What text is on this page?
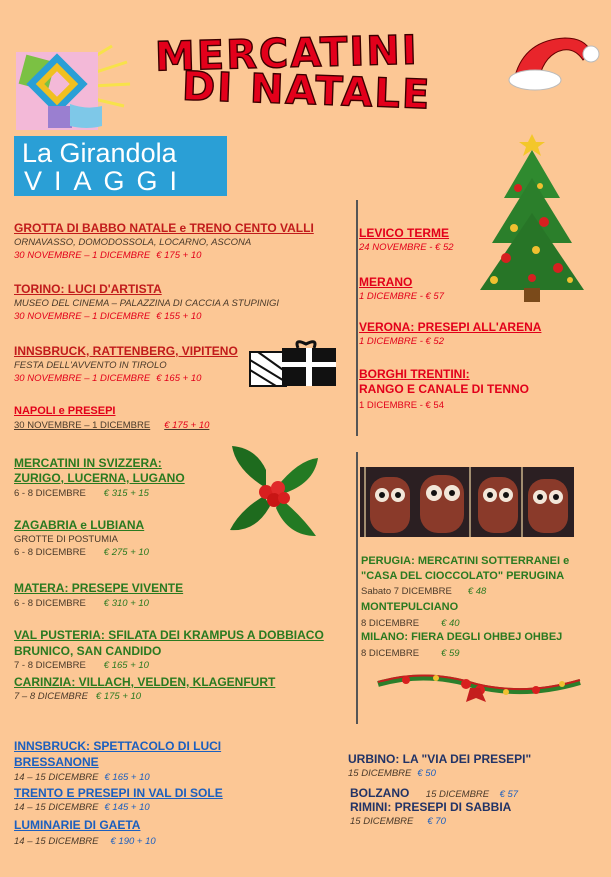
La Girandola
VIAGGI
MERCATINI
DI NATALE
GROTTA DI BABBO NATALE e TRENO CENTO VALLI
ORNAVASSO, DOMODOSSOLA, LOCARNO, ASCONA
30 NOVEMBRE – 1 DICEMBRE € 175 + 10
TORINO: LUCI D'ARTISTA
MUSEO DEL CINEMA – PALAZZINA DI CACCIA A STUPINIGI
30 NOVEMBRE – 1 DICEMBRE € 155 + 10
INNSBRUCK, RATTENBERG, VIPITENO
FESTA DELL'AVVENTO IN TIROLO
30 NOVEMBRE – 1 DICEMBRE € 165 + 10
NAPOLI e PRESEPI
30 NOVEMBRE – 1 DICEMBRE € 175 + 10
LEVICO TERME
24 NOVEMBRE - € 52
MERANO
1 DICEMBRE - € 57
VERONA: PRESEPI ALL'ARENA
1 DICEMBRE - € 52
BORGHI TRENTINI:
RANGO E CANALE DI TENNO
1 DICEMBRE - € 54
MERCATINI IN SVIZZERA:
ZURIGO, LUCERNA, LUGANO
6 - 8 DICEMBRE € 315 + 15
ZAGABRIA e LUBIANA
GROTTE DI POSTUMIA
6 - 8 DICEMBRE € 275 + 10
MATERA: PRESEPE VIVENTE
6 - 8 DICEMBRE € 310 + 10
VAL PUSTERIA: SFILATA DEI KRAMPUS A DOBBIACO
BRUNICO, SAN CANDIDO
7 - 8 DICEMBRE € 165 + 10
CARINZIA: VILLACH, VELDEN, KLAGENFURT
7 – 8 DICEMBRE € 175 + 10
PERUGIA: MERCATINI SOTTERRANEI e
"CASA DEL CIOCCOLATO" PERUGINA
Sabato 7 DICEMBRE € 48
MONTEPULCIANO
8 DICEMBRE € 40
MILANO: FIERA DEGLI OHBEJ OHBEJ
8 DICEMBRE € 59
INNSBRUCK: SPETTACOLO DI LUCI
BRESSANONE
14 – 15 DICEMBRE € 165 + 10
TRENTO E PRESEPI IN VAL DI SOLE
14 – 15 DICEMBRE € 145 + 10
LUMINARIE DI GAETA
14 – 15 DICEMBRE € 190 + 10
URBINO: LA "VIA DEI PRESEPI"
15 DICEMBRE € 50
BOLZANO 15 DICEMBRE € 57
RIMINI: PRESEPI DI SABBIA
15 DICEMBRE € 70
